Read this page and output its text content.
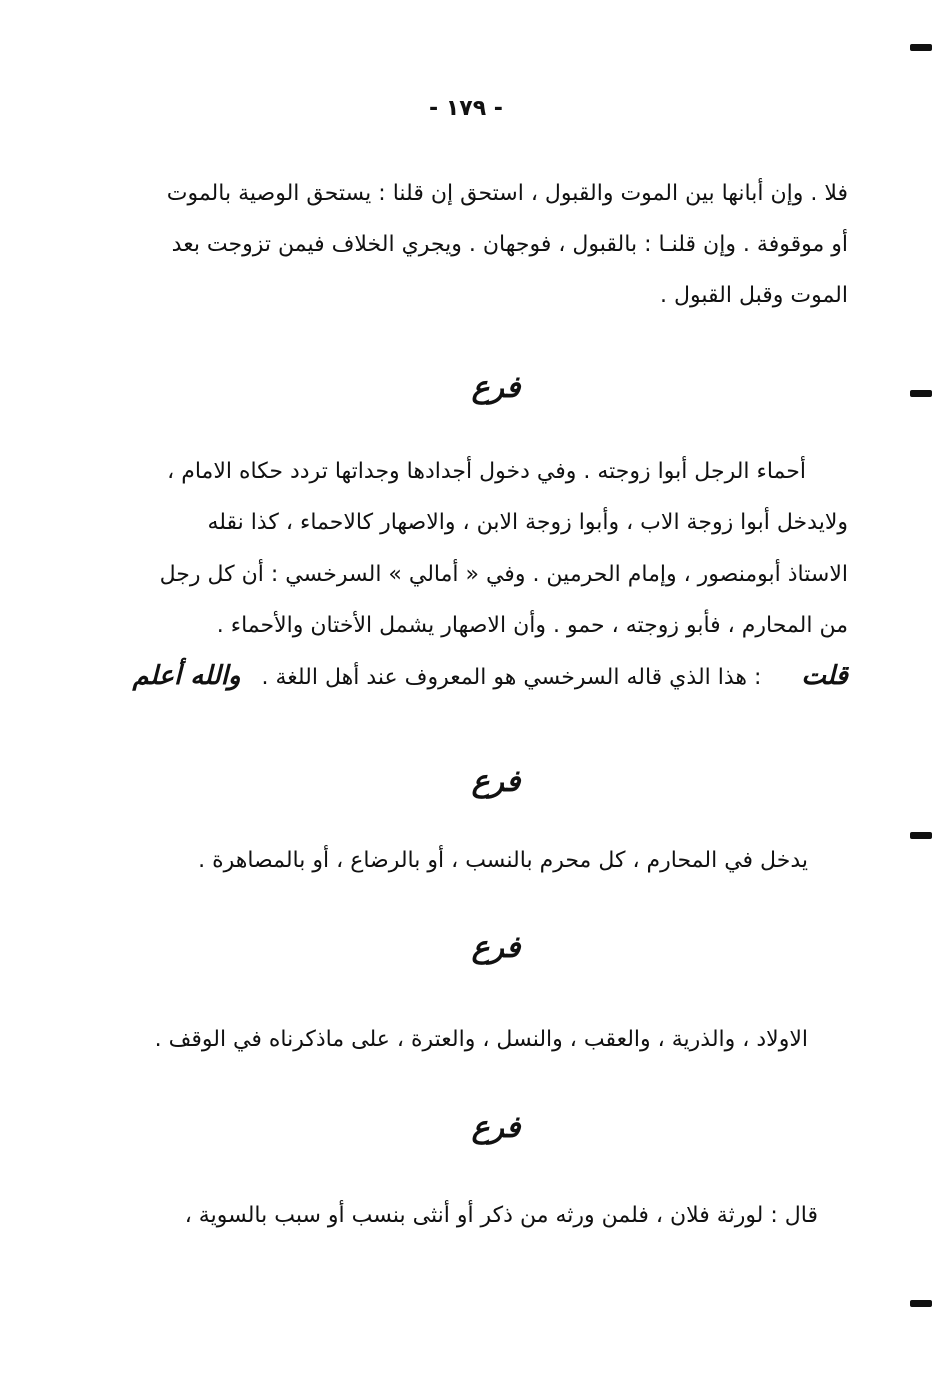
- ١٧٩ -
فلا . وإن أبانها بين الموت والقبول ، استحق إن قلنا : يستحق الوصية بالموت
أو موقوفة . وإن قلنـا : بالقبول ، فوجهان . ويجري الخلاف فيمن تزوجت بعد
الموت وقبل القبول .
فرع
أحماء الرجل أبوا زوجته . وفي دخول أجدادها وجداتها تردد حكاه الامام ،
ولايدخل أبوا زوجة الاب ، وأبوا زوجة الابن ، والاصهار كالاحماء ، كذا نقله
الاستاذ أبومنصور ، وإمام الحرمين . وفي « أمالي » السرخسي : أن كل رجل
من المحارم ، فأبو زوجته ، حمو . وأن الاصهار يشمل الأختان والأحماء .
قلت  : هذا الذي قاله السرخسي هو المعروف عند أهل اللغة . والله أعلم
فرع
يدخل في المحارم ، كل محرم بالنسب ، أو بالرضاع ، أو بالمصاهرة .
فرع
الاولاد ، والذرية ، والعقب ، والنسل ، والعترة ، على ماذكرناه في الوقف .
فرع
قال : لورثة فلان ، فلمن ورثه من ذكر أو أنثى بنسب أو سبب بالسوية ،
